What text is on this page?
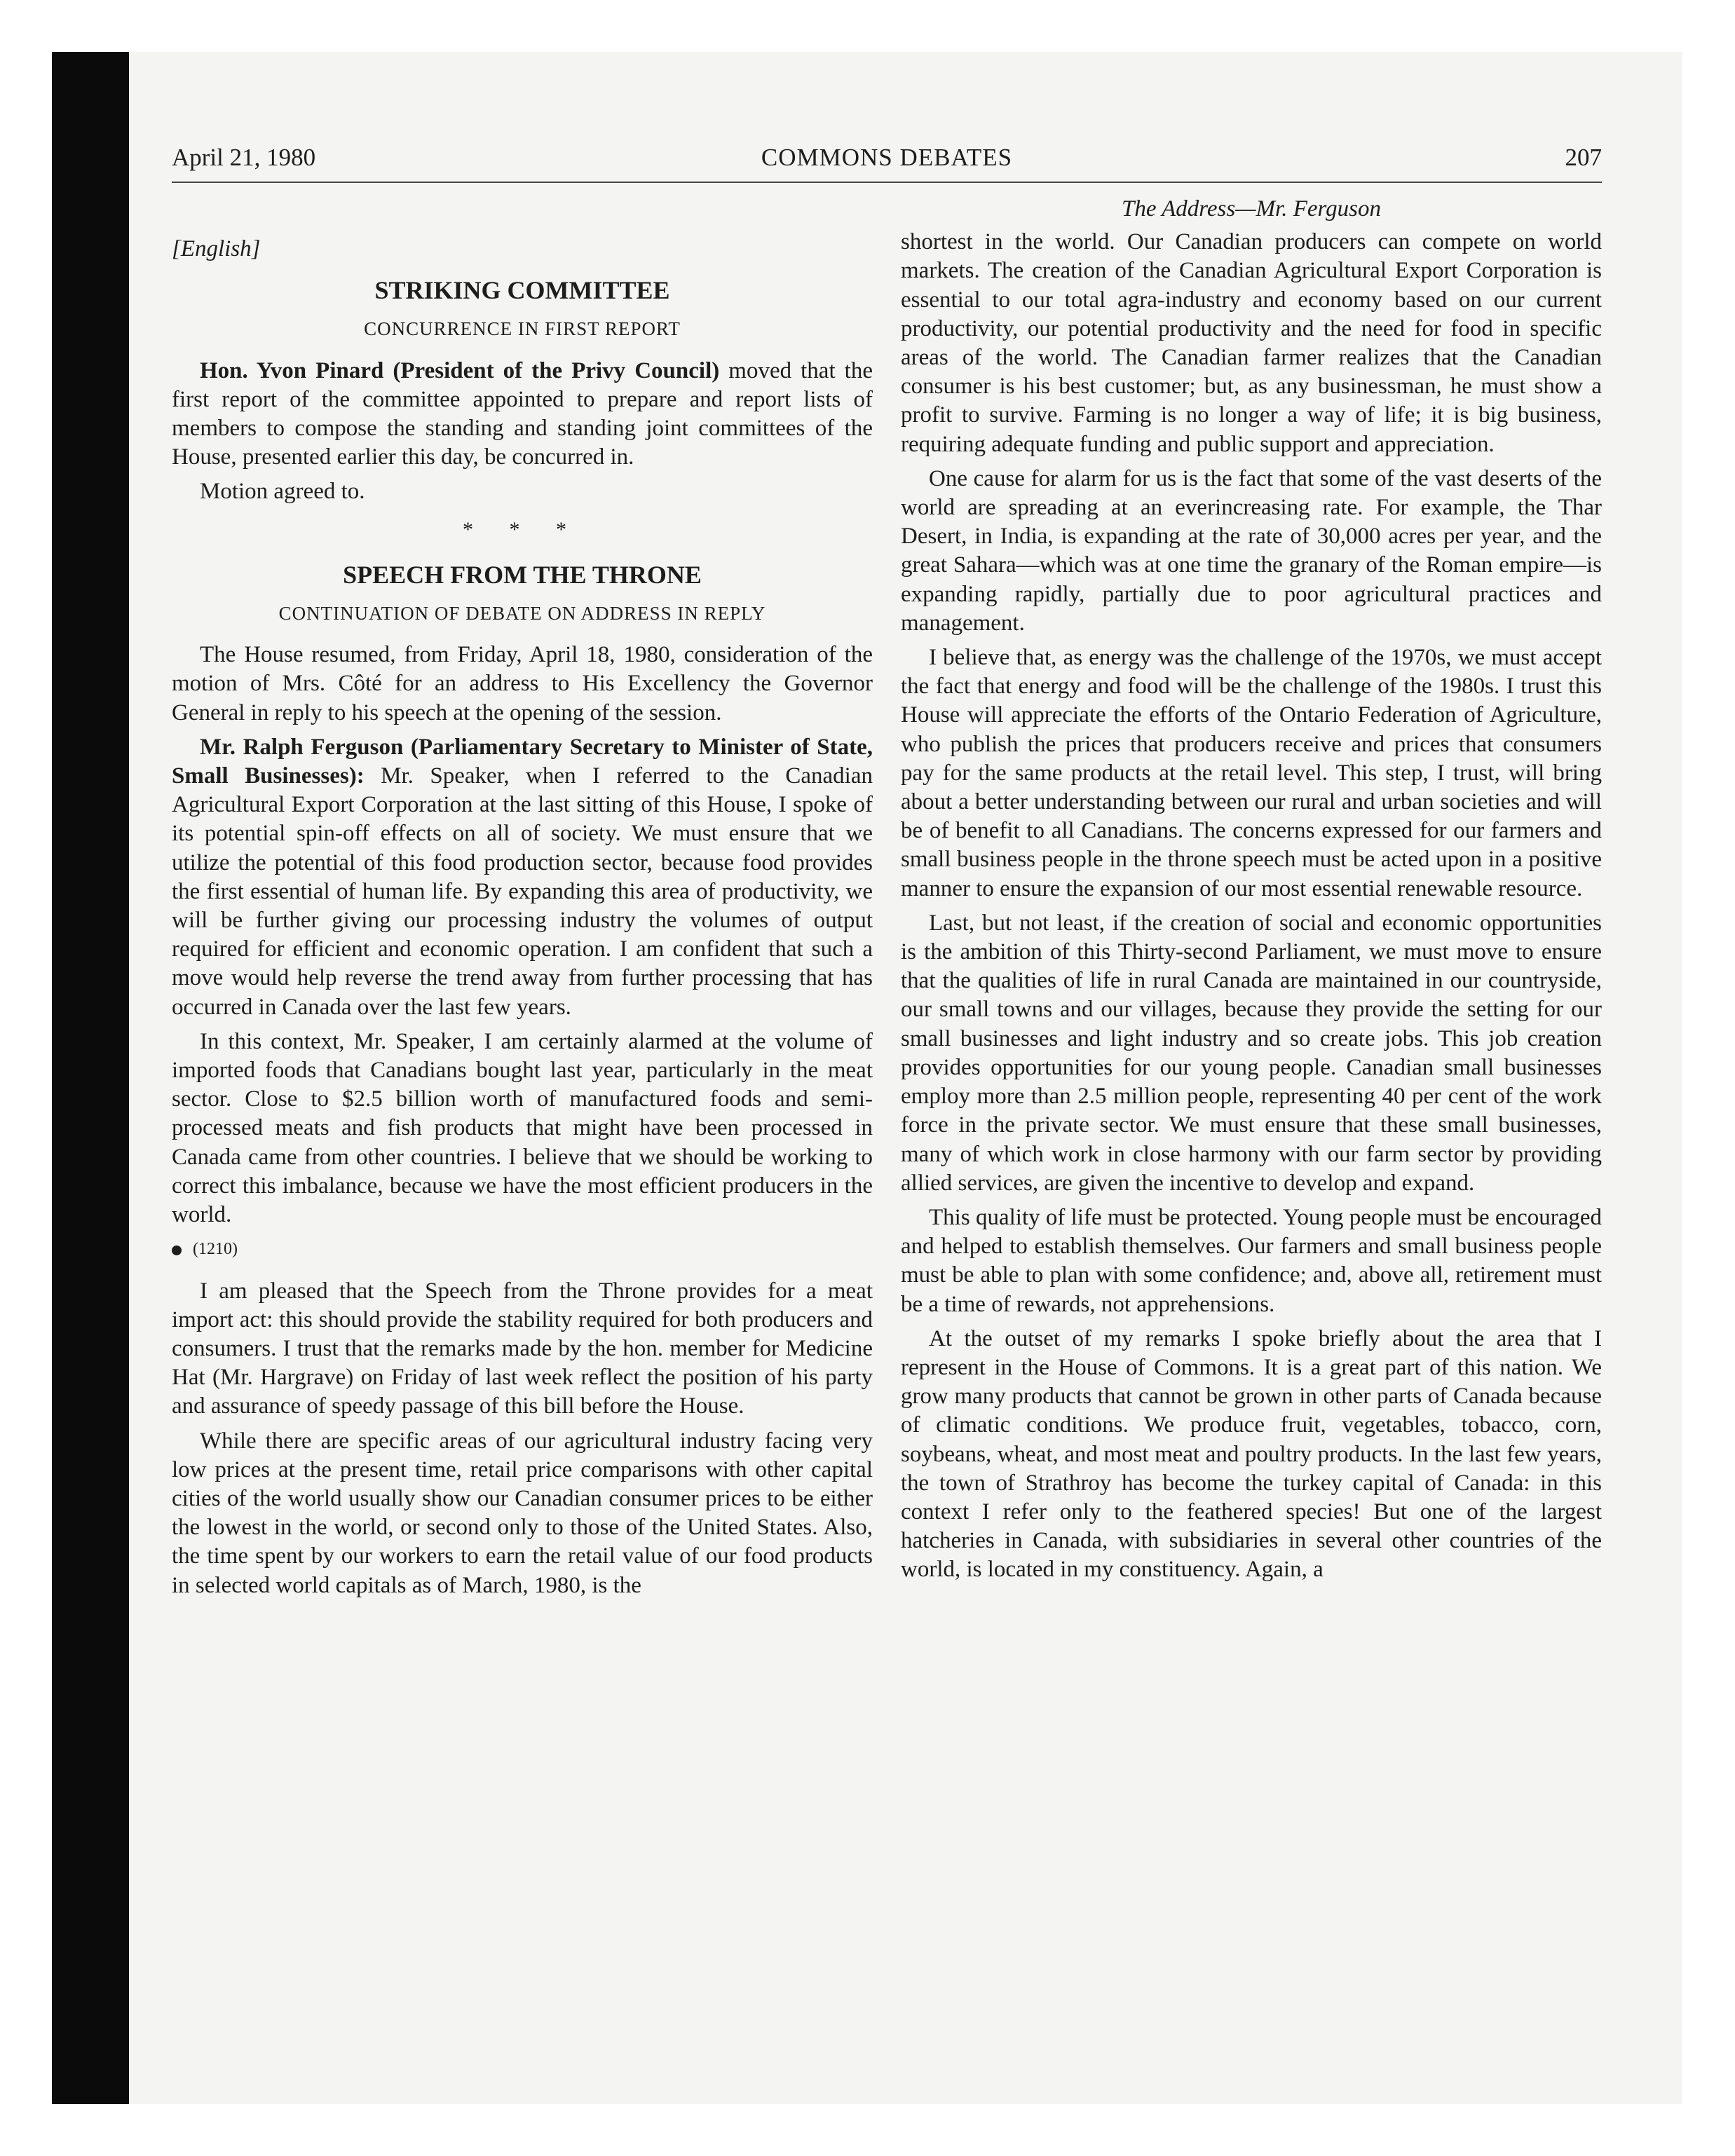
April 21, 1980	COMMONS DEBATES	207
[English]
STRIKING COMMITTEE
CONCURRENCE IN FIRST REPORT

Hon. Yvon Pinard (President of the Privy Council) moved that the first report of the committee appointed to prepare and report lists of members to compose the standing and standing joint committees of the House, presented earlier this day, be concurred in.

Motion agreed to.

* * *
SPEECH FROM THE THRONE
CONTINUATION OF DEBATE ON ADDRESS IN REPLY

The House resumed, from Friday, April 18, 1980, consideration of the motion of Mrs. Côté for an address to His Excellency the Governor General in reply to his speech at the opening of the session.

Mr. Ralph Ferguson (Parliamentary Secretary to Minister of State, Small Businesses): Mr. Speaker, when I referred to the Canadian Agricultural Export Corporation at the last sitting of this House, I spoke of its potential spin-off effects on all of society. We must ensure that we utilize the potential of this food production sector, because food provides the first essential of human life. By expanding this area of productivity, we will be further giving our processing industry the volumes of output required for efficient and economic operation. I am confident that such a move would help reverse the trend away from further processing that has occurred in Canada over the last few years.

In this context, Mr. Speaker, I am certainly alarmed at the volume of imported foods that Canadians bought last year, particularly in the meat sector. Close to $2.5 billion worth of manufactured foods and semi-processed meats and fish products that might have been processed in Canada came from other countries. I believe that we should be working to correct this imbalance, because we have the most efficient producers in the world.

(1210)

I am pleased that the Speech from the Throne provides for a meat import act: this should provide the stability required for both producers and consumers. I trust that the remarks made by the hon. member for Medicine Hat (Mr. Hargrave) on Friday of last week reflect the position of his party and assurance of speedy passage of this bill before the House.

While there are specific areas of our agricultural industry facing very low prices at the present time, retail price comparisons with other capital cities of the world usually show our Canadian consumer prices to be either the lowest in the world, or second only to those of the United States. Also, the time spent by our workers to earn the retail value of our food products in selected world capitals as of March, 1980, is the

The Address—Mr. Ferguson

shortest in the world. Our Canadian producers can compete on world markets. The creation of the Canadian Agricultural Export Corporation is essential to our total agra-industry and economy based on our current productivity, our potential productivity and the need for food in specific areas of the world. The Canadian farmer realizes that the Canadian consumer is his best customer; but, as any businessman, he must show a profit to survive. Farming is no longer a way of life; it is big business, requiring adequate funding and public support and appreciation.

One cause for alarm for us is the fact that some of the vast deserts of the world are spreading at an everincreasing rate. For example, the Thar Desert, in India, is expanding at the rate of 30,000 acres per year, and the great Sahara—which was at one time the granary of the Roman empire—is expanding rapidly, partially due to poor agricultural practices and management.

I believe that, as energy was the challenge of the 1970s, we must accept the fact that energy and food will be the challenge of the 1980s. I trust this House will appreciate the efforts of the Ontario Federation of Agriculture, who publish the prices that producers receive and prices that consumers pay for the same products at the retail level. This step, I trust, will bring about a better understanding between our rural and urban societies and will be of benefit to all Canadians. The concerns expressed for our farmers and small business people in the throne speech must be acted upon in a positive manner to ensure the expansion of our most essential renewable resource.

Last, but not least, if the creation of social and economic opportunities is the ambition of this Thirty-second Parliament, we must move to ensure that the qualities of life in rural Canada are maintained in our countryside, our small towns and our villages, because they provide the setting for our small businesses and light industry and so create jobs. This job creation provides opportunities for our young people. Canadian small businesses employ more than 2.5 million people, representing 40 per cent of the work force in the private sector. We must ensure that these small businesses, many of which work in close harmony with our farm sector by providing allied services, are given the incentive to develop and expand.

This quality of life must be protected. Young people must be encouraged and helped to establish themselves. Our farmers and small business people must be able to plan with some confidence; and, above all, retirement must be a time of rewards, not apprehensions.

At the outset of my remarks I spoke briefly about the area that I represent in the House of Commons. It is a great part of this nation. We grow many products that cannot be grown in other parts of Canada because of climatic conditions. We produce fruit, vegetables, tobacco, corn, soybeans, wheat, and most meat and poultry products. In the last few years, the town of Strathroy has become the turkey capital of Canada: in this context I refer only to the feathered species! But one of the largest hatcheries in Canada, with subsidiaries in several other countries of the world, is located in my constituency. Again, a
